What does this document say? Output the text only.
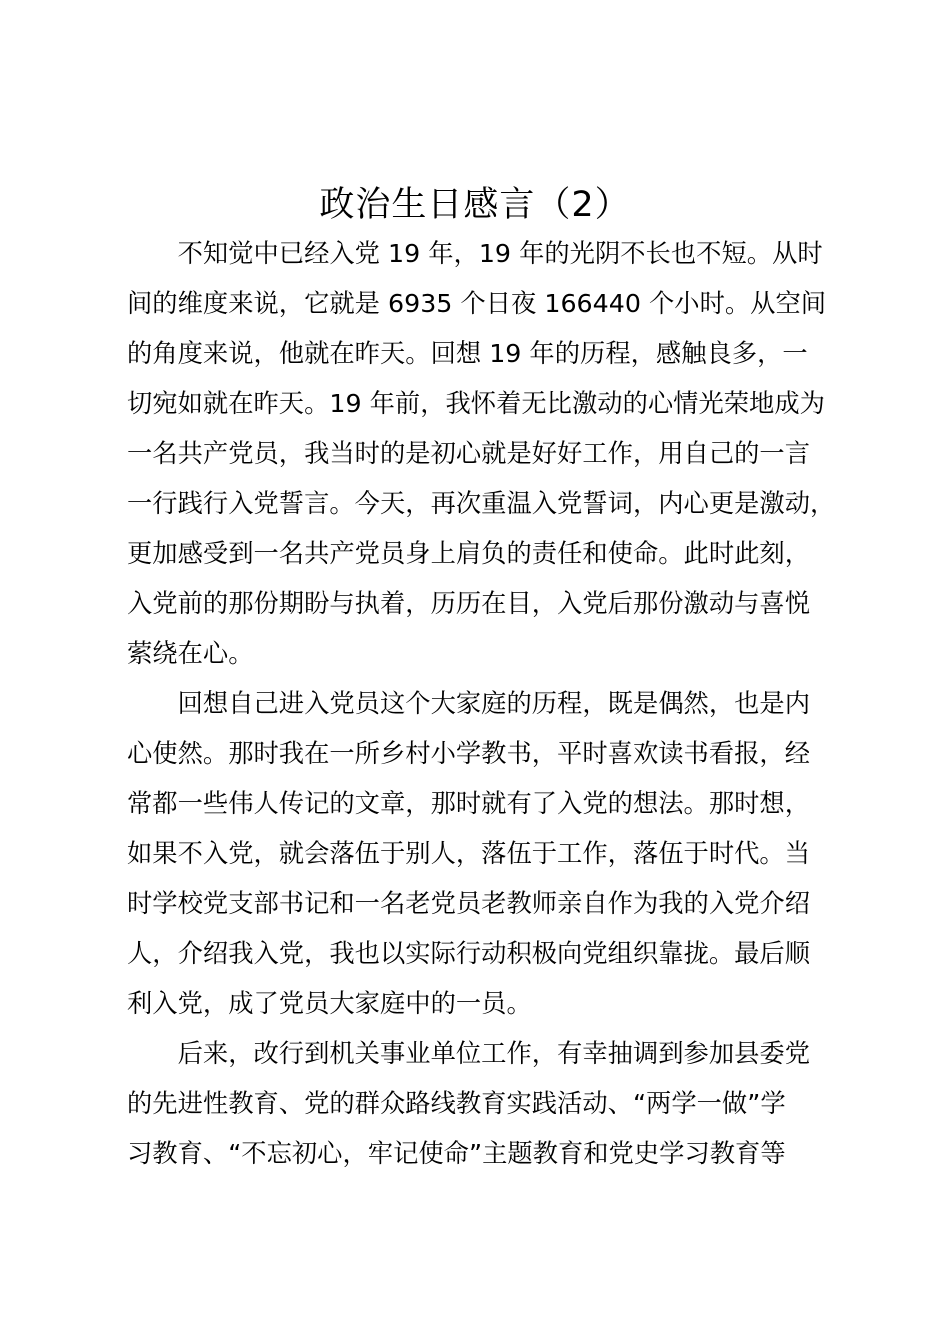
政治生日感言（2）
　　不知觉中已经入党 19 年，19 年的光阴不长也不短。从时
间的维度来说，它就是 6935 个日夜 166440 个小时。从空间
的角度来说，他就在昨天。回想 19 年的历程，感触良多，一
切宛如就在昨天。19 年前，我怀着无比激动的心情光荣地成为
一名共产党员，我当时的是初心就是好好工作，用自己的一言
一行践行入党誓言。今天，再次重温入党誓词，内心更是激动，
更加感受到一名共产党员身上肩负的责任和使命。此时此刻，
入党前的那份期盼与执着，历历在目，入党后那份激动与喜悦
萦绕在心。
　　回想自己进入党员这个大家庭的历程，既是偶然，也是内
心使然。那时我在一所乡村小学教书，平时喜欢读书看报，经
常都一些伟人传记的文章，那时就有了入党的想法。那时想，
如果不入党，就会落伍于别人，落伍于工作，落伍于时代。当
时学校党支部书记和一名老党员老教师亲自作为我的入党介绍
人，介绍我入党，我也以实际行动积极向党组织靠拢。最后顺
利入党，成了党员大家庭中的一员。
　　后来，改行到机关事业单位工作，有幸抽调到参加县委党
的先进性教育、党的群众路线教育实践活动、“两学一做”学
习教育、“不忘初心，牢记使命”主题教育和党史学习教育等
